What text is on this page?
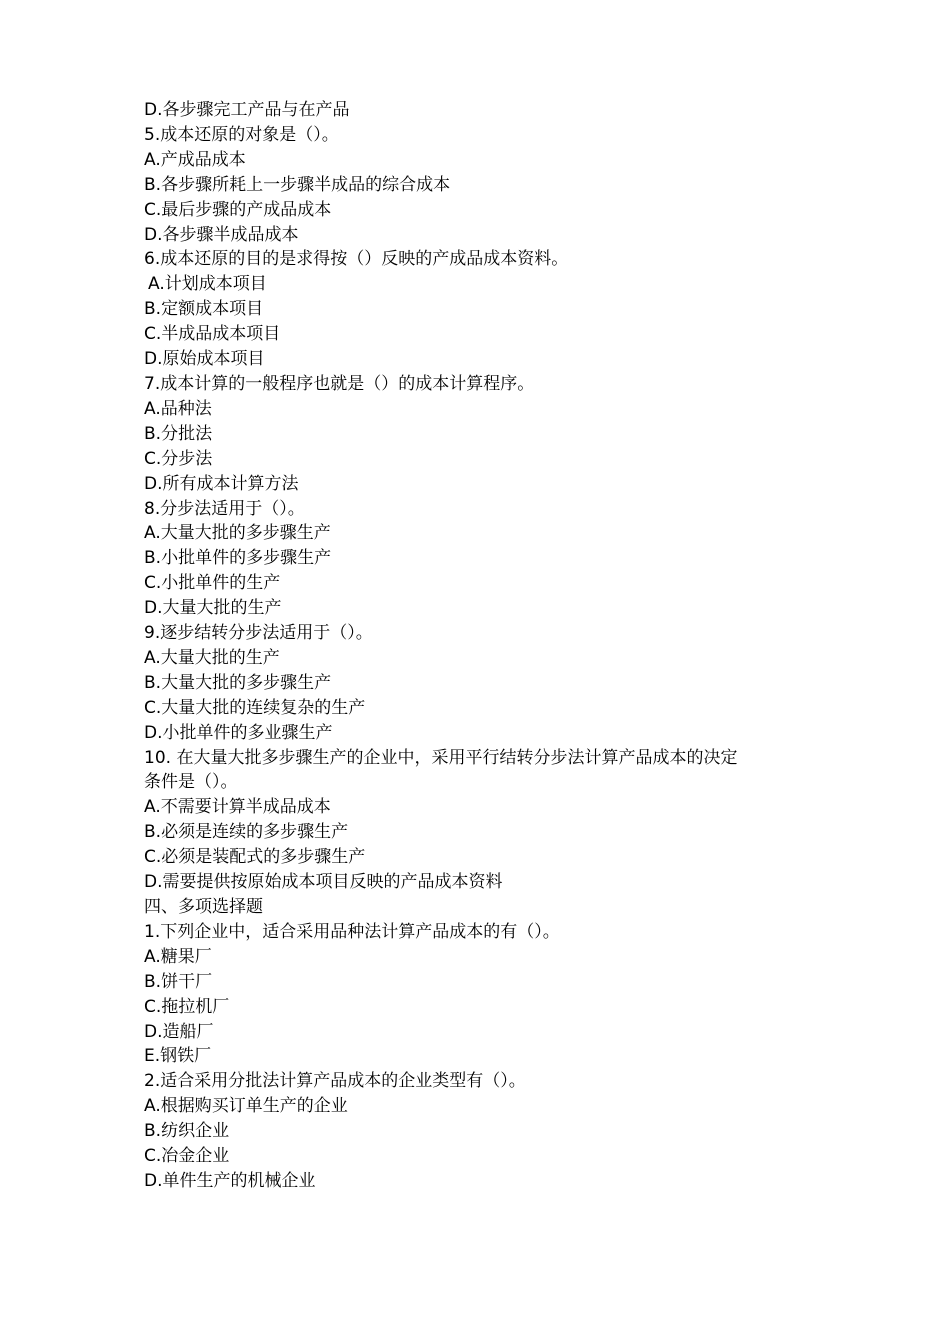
D.各步骤完工产品与在产品

5.成本还原的对象是（）。

A.产成品成本

B.各步骤所耗上一步骤半成品的综合成本

C.最后步骤的产成品成本

D.各步骤半成品成本

6.成本还原的目的是求得按（）反映的产成品成本资料。

A.计划成本项目

B.定额成本项目

C.半成品成本项目

D.原始成本项目

7.成本计算的一般程序也就是（）的成本计算程序。

A.品种法

B.分批法

C.分步法

D.所有成本计算方法

8.分步法适用于（）。

A.大量大批的多步骤生产

B.小批单件的多步骤生产

C.小批单件的生产

D.大量大批的生产

9.逐步结转分步法适用于（）。

A.大量大批的生产

B.大量大批的多步骤生产

C.大量大批的连续复杂的生产

D.小批单件的多业骤生产

10. 在大量大批多步骤生产的企业中，采用平行结转分步法计算产品成本的决定

条件是（）。

A.不需要计算半成品成本

B.必须是连续的多步骤生产

C.必须是装配式的多步骤生产

D.需要提供按原始成本项目反映的产品成本资料

四、多项选择题

1.下列企业中，适合采用品种法计算产品成本的有（）。

A.糖果厂

B.饼干厂

C.拖拉机厂

D.造船厂

E.钢铁厂

2.适合采用分批法计算产品成本的企业类型有（）。

A.根据购买订单生产的企业

B.纺织企业

C.冶金企业

D.单件生产的机械企业
